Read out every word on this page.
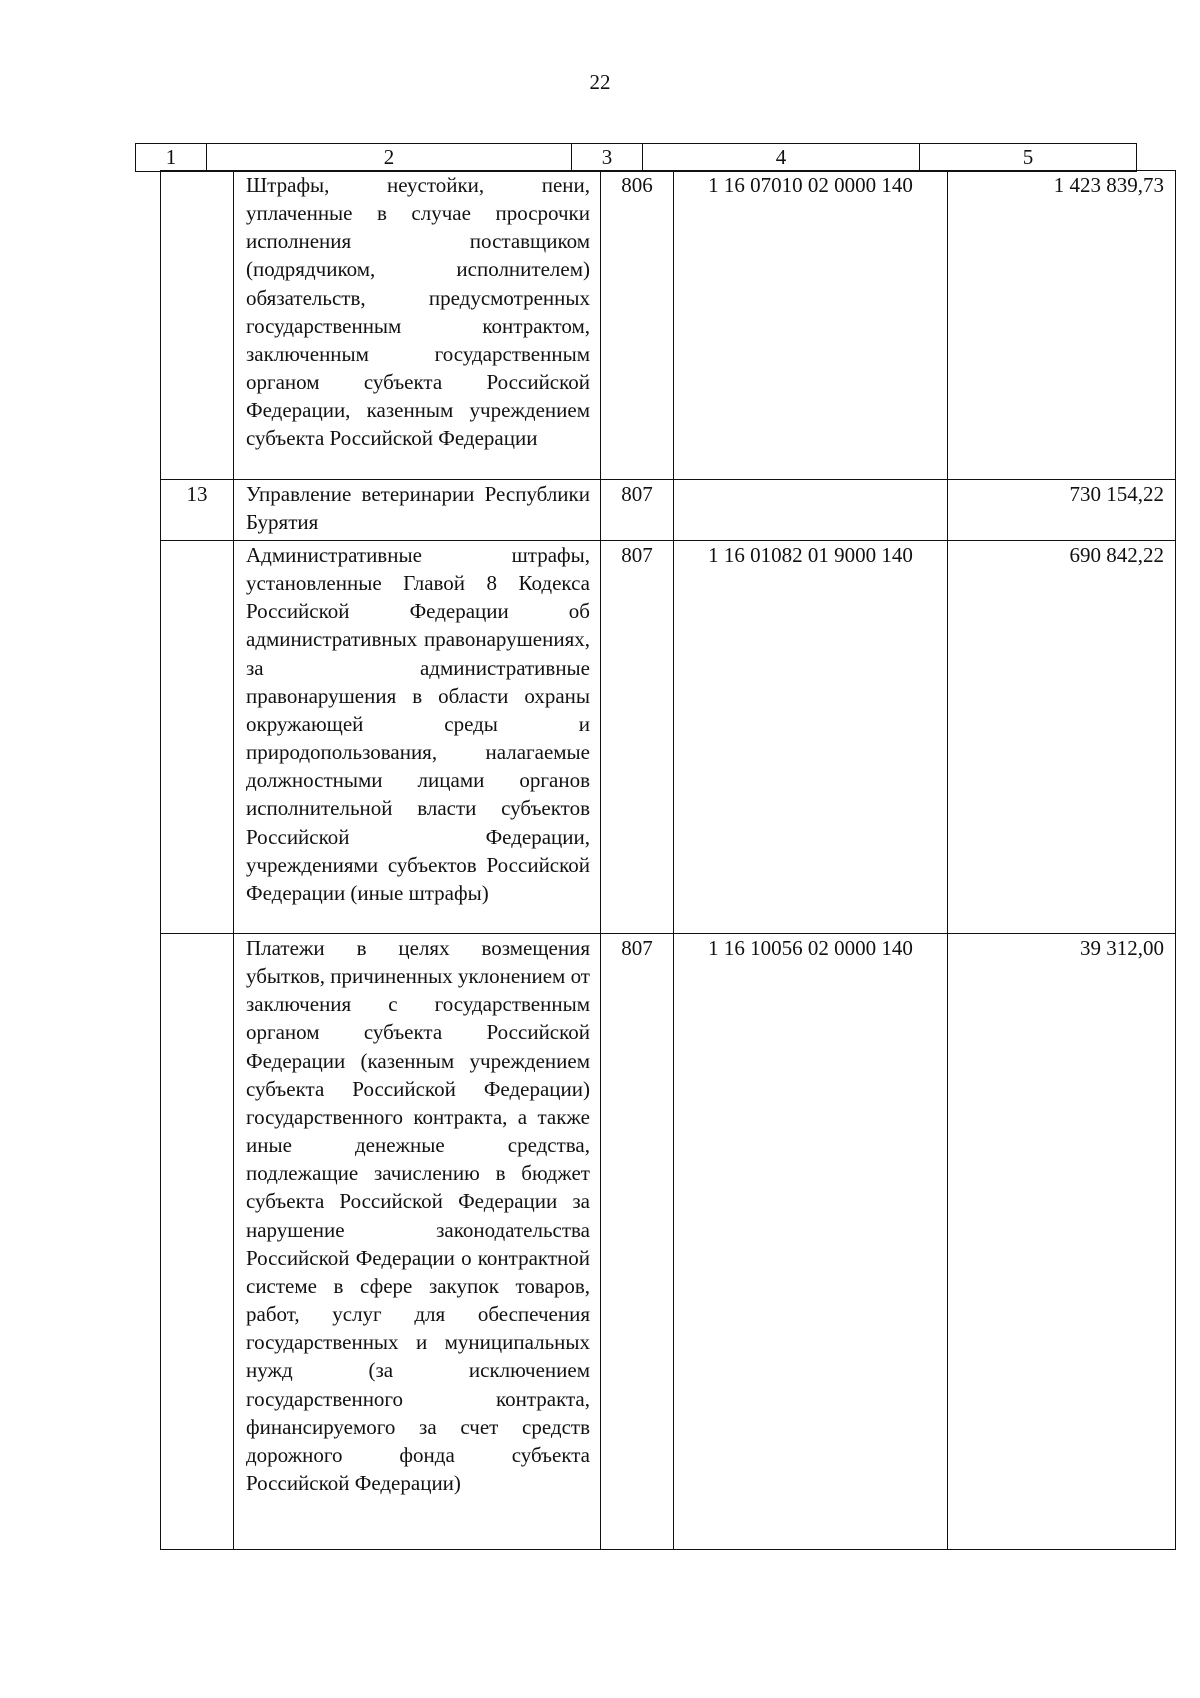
22
1	2	3	4	5
	Штрафы, неустойки, пени, уплаченные в случае просрочки исполнения поставщиком (подрядчиком, исполнителем) обязательств, предусмотренных государственным контрактом, заключенным государственным органом субъекта Российской Федерации, казенным учреждением субъекта Российской Федерации	806	1 16 07010 02 0000 140	1 423 839,73
13	Управление ветеринарии Республики Бурятия	807		730 154,22
	Административные штрафы, установленные Главой 8 Кодекса Российской Федерации об административных правонарушениях, за административные правонарушения в области охраны окружающей среды и природопользования, налагаемые должностными лицами органов исполнительной власти субъектов Российской Федерации, учреждениями субъектов Российской Федерации (иные штрафы)	807	1 16 01082 01 9000 140	690 842,22
	Платежи в целях возмещения убытков, причиненных уклонением от заключения с государственным органом субъекта Российской Федерации (казенным учреждением субъекта Российской Федерации) государственного контракта, а также иные денежные средства, подлежащие зачислению в бюджет субъекта Российской Федерации за нарушение законодательства Российской Федерации о контрактной системе в сфере закупок товаров, работ, услуг для обеспечения государственных и муниципальных нужд (за исключением государственного контракта, финансируемого за счет средств дорожного фонда субъекта Российской Федерации)	807	1 16 10056 02 0000 140	39 312,00
